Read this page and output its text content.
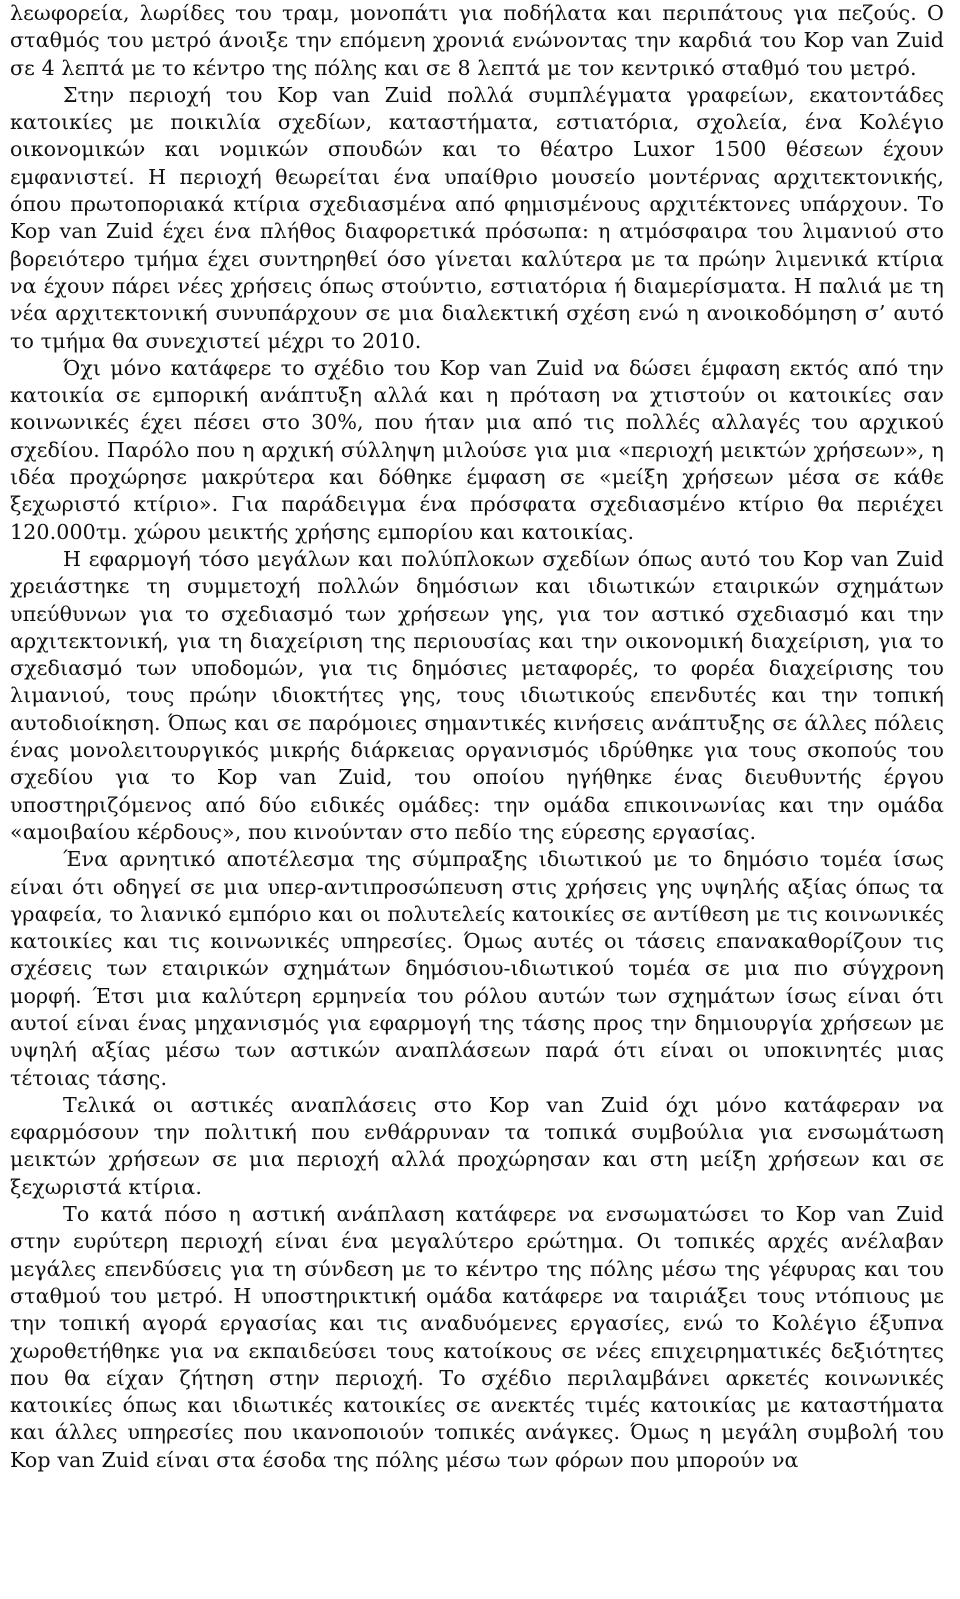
λεωφορεία, λωρίδες του τραμ, μονοπάτι για ποδήλατα και περιπάτους για πεζούς. Ο σταθμός του μετρό άνοιξε την επόμενη χρονιά ενώνοντας την καρδιά του Kop van Zuid σε 4 λεπτά με το κέντρο της πόλης και σε 8 λεπτά με τον κεντρικό σταθμό του μετρό.

Στην περιοχή του Kop van Zuid πολλά συμπλέγματα γραφείων, εκατοντάδες κατοικίες με ποικιλία σχεδίων, καταστήματα, εστιατόρια, σχολεία, ένα Κολέγιο οικονομικών και νομικών σπουδών και το θέατρο Luxor 1500 θέσεων έχουν εμφανιστεί. Η περιοχή θεωρείται ένα υπαίθριο μουσείο μοντέρνας αρχιτεκτονικής, όπου πρωτοποριακά κτίρια σχεδιασμένα από φημισμένους αρχιτέκτονες υπάρχουν. Το Kop van Zuid έχει ένα πλήθος διαφορετικά πρόσωπα: η ατμόσφαιρα του λιμανιού στο βορειότερο τμήμα έχει συντηρηθεί όσο γίνεται καλύτερα με τα πρώην λιμενικά κτίρια να έχουν πάρει νέες χρήσεις όπως στούντιο, εστιατόρια ή διαμερίσματα. Η παλιά με τη νέα αρχιτεκτονική συνυπάρχουν σε μια διαλεκτική σχέση ενώ η ανοικοδόμηση σ’ αυτό το τμήμα θα συνεχιστεί μέχρι το 2010.

Όχι μόνο κατάφερε το σχέδιο του Kop van Zuid να δώσει έμφαση εκτός από την κατοικία σε εμπορική ανάπτυξη αλλά και η πρόταση να χτιστούν οι κατοικίες σαν κοινωνικές έχει πέσει στο 30%, που ήταν μια από τις πολλές αλλαγές του αρχικού σχεδίου. Παρόλο που η αρχική σύλληψη μιλούσε για μια «περιοχή μεικτών χρήσεων», η ιδέα προχώρησε μακρύτερα και δόθηκε έμφαση σε «μείξη χρήσεων μέσα σε κάθε ξεχωριστό κτίριο». Για παράδειγμα ένα πρόσφατα σχεδιασμένο κτίριο θα περιέχει 120.000τμ. χώρου μεικτής χρήσης εμπορίου και κατοικίας.

Η εφαρμογή τόσο μεγάλων και πολύπλοκων σχεδίων όπως αυτό του Kop van Zuid χρειάστηκε τη συμμετοχή πολλών δημόσιων και ιδιωτικών εταιρικών σχημάτων υπεύθυνων για το σχεδιασμό των χρήσεων γης, για τον αστικό σχεδιασμό και την αρχιτεκτονική, για τη διαχείριση της περιουσίας και την οικονομική διαχείριση, για το σχεδιασμό των υποδομών, για τις δημόσιες μεταφορές, το φορέα διαχείρισης του λιμανιού, τους πρώην ιδιοκτήτες γης, τους ιδιωτικούς επενδυτές και την τοπική αυτοδιοίκηση. Όπως και σε παρόμοιες σημαντικές κινήσεις ανάπτυξης σε άλλες πόλεις ένας μονολειτουργικός μικρής διάρκειας οργανισμός ιδρύθηκε για τους σκοπούς του σχεδίου για το Kop van Zuid, του οποίου ηγήθηκε ένας διευθυντής έργου υποστηριζόμενος από δύο ειδικές ομάδες: την ομάδα επικοινωνίας και την ομάδα «αμοιβαίου κέρδους», που κινούνταν στο πεδίο της εύρεσης εργασίας.

Ένα αρνητικό αποτέλεσμα της σύμπραξης ιδιωτικού με το δημόσιο τομέα ίσως είναι ότι οδηγεί σε μια υπερ-αντιπροσώπευση στις χρήσεις γης υψηλής αξίας όπως τα γραφεία, το λιανικό εμπόριο και οι πολυτελείς κατοικίες σε αντίθεση με τις κοινωνικές κατοικίες και τις κοινωνικές υπηρεσίες. Όμως αυτές οι τάσεις επανακαθορίζουν τις σχέσεις των εταιρικών σχημάτων δημόσιου-ιδιωτικού τομέα σε μια πιο σύγχρονη μορφή. Έτσι μια καλύτερη ερμηνεία του ρόλου αυτών των σχημάτων ίσως είναι ότι αυτοί είναι ένας μηχανισμός για εφαρμογή της τάσης προς την δημιουργία χρήσεων με υψηλή αξίας μέσω των αστικών αναπλάσεων παρά ότι είναι οι υποκινητές μιας τέτοιας τάσης.

Τελικά οι αστικές αναπλάσεις στο Kop van Zuid όχι μόνο κατάφεραν να εφαρμόσουν την πολιτική που ενθάρρυναν τα τοπικά συμβούλια για ενσωμάτωση μεικτών χρήσεων σε μια περιοχή αλλά προχώρησαν και στη μείξη χρήσεων και σε ξεχωριστά κτίρια.

Το κατά πόσο η αστική ανάπλαση κατάφερε να ενσωματώσει το Kop van Zuid στην ευρύτερη περιοχή είναι ένα μεγαλύτερο ερώτημα. Οι τοπικές αρχές ανέλαβαν μεγάλες επενδύσεις για τη σύνδεση με το κέντρο της πόλης μέσω της γέφυρας και του σταθμού του μετρό. Η υποστηρικτική ομάδα κατάφερε να ταιριάξει τους ντόπιους με την τοπική αγορά εργασίας και τις αναδυόμενες εργασίες, ενώ το Κολέγιο έξυπνα χωροθετήθηκε για να εκπαιδεύσει τους κατοίκους σε νέες επιχειρηματικές δεξιότητες που θα είχαν ζήτηση στην περιοχή. Το σχέδιο περιλαμβάνει αρκετές κοινωνικές κατοικίες όπως και ιδιωτικές κατοικίες σε ανεκτές τιμές κατοικίας με καταστήματα και άλλες υπηρεσίες που ικανοποιούν τοπικές ανάγκες. Όμως η μεγάλη συμβολή του Kop van Zuid είναι στα έσοδα της πόλης μέσω των φόρων που μπορούν να
